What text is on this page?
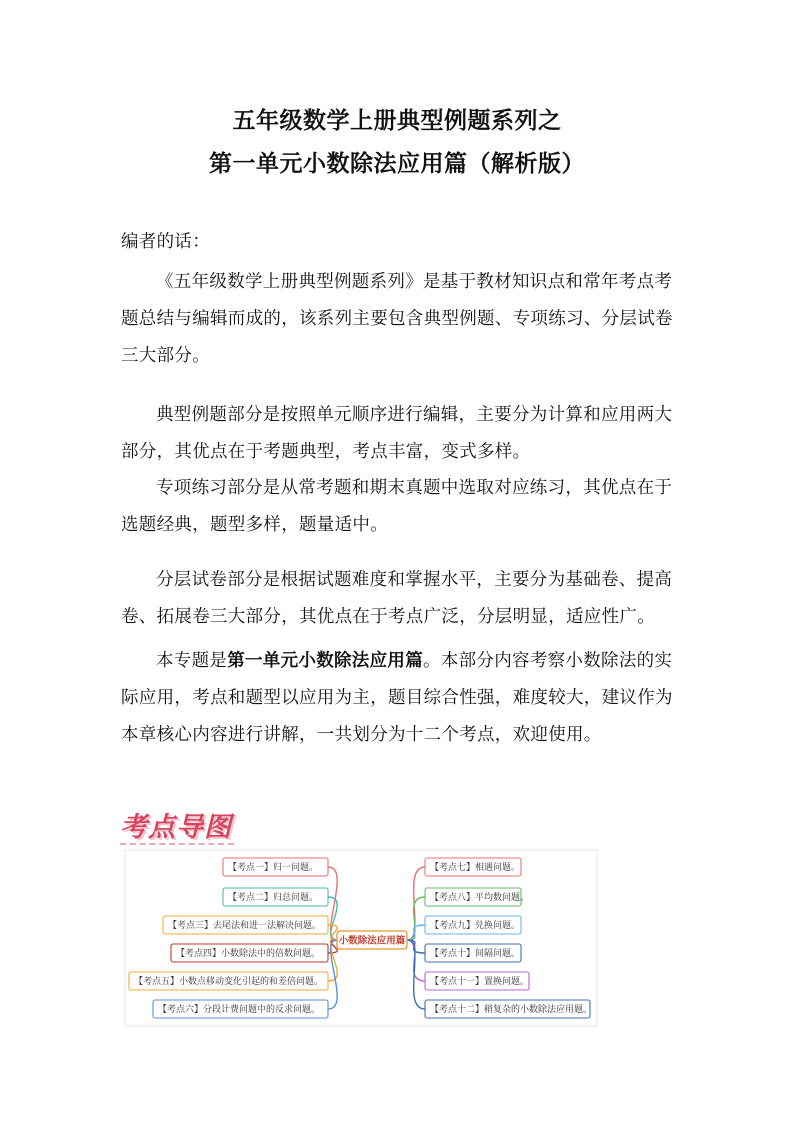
五年级数学上册典型例题系列之
第一单元小数除法应用篇（解析版）
编者的话：
《五年级数学上册典型例题系列》是基于教材知识点和常年考点考题总结与编辑而成的，该系列主要包含典型例题、专项练习、分层试卷三大部分。
典型例题部分是按照单元顺序进行编辑，主要分为计算和应用两大部分，其优点在于考题典型，考点丰富，变式多样。
专项练习部分是从常考题和期末真题中选取对应练习，其优点在于选题经典，题型多样，题量适中。
分层试卷部分是根据试题难度和掌握水平，主要分为基础卷、提高卷、拓展卷三大部分，其优点在于考点广泛，分层明显，适应性广。
本专题是第一单元小数除法应用篇。本部分内容考察小数除法的实际应用，考点和题型以应用为主，题目综合性强，难度较大，建议作为本章核心内容进行讲解，一共划分为十二个考点，欢迎使用。
考点导图
【考点一】归一问题。
【考点二】归总问题。
【考点三】去尾法和进一法解决问题。
【考点四】小数除法中的倍数问题。
【考点五】小数点移动变化引起的和差倍问题。
【考点六】分段计费问题中的反求问题。
【考点七】相遇问题。
【考点八】平均数问题。
【考点九】兑换问题。
【考点十】间隔问题。
【考点十一】置换问题。
【考点十二】稍复杂的小数除法应用题。
小数除法应用篇
